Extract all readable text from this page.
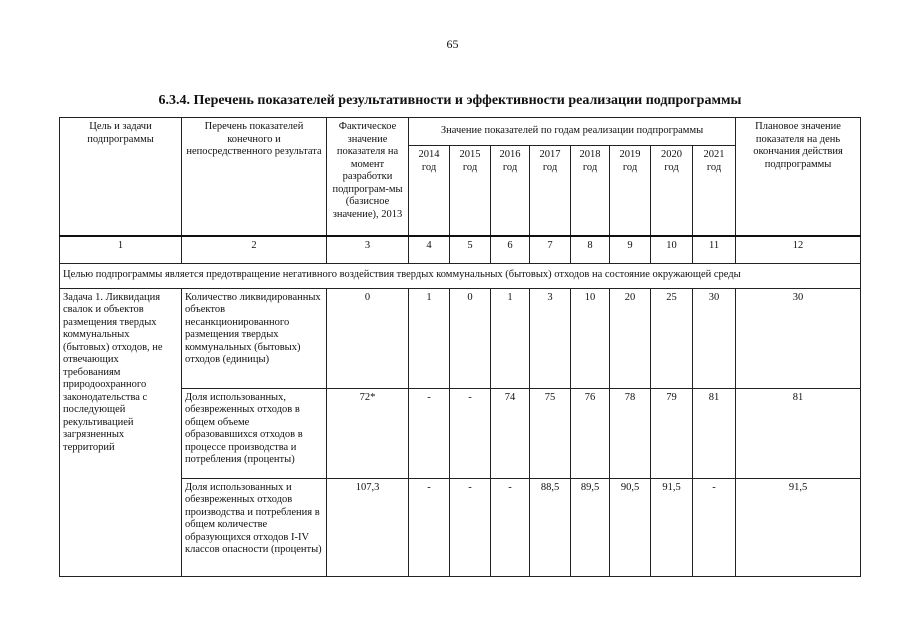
65
6.3.4. Перечень показателей результативности и эффективности реализации подпрограммы
Цель и задачи подпрограммы	Перечень показателей конечного и непосредственного результата	Фактическое значение показателя на момент разработки подпрограм-мы (базисное значение), 2013	Значение показателей по годам реализации подпрограммы								Плановое значение показателя на день окончания действия подпрограммы
			2014 год	2015 год	2016 год	2017 год	2018 год	2019 год	2020 год	2021 год	
1	2	3	4	5	6	7	8	9	10	11	12
Целью подпрограммы является предотвращение негативного воздействия твердых коммунальных (бытовых) отходов на состояние окружающей среды											
Задача 1. Ликвидация свалок и объектов размещения твердых коммунальных (бытовых) отходов, не отвечающих требованиям природоохранного законодательства с последующей рекультивацией загрязненных территорий	Количество ликвидированных объектов несанкционированного размещения твердых коммунальных (бытовых) отходов (единицы)	0	1	0	1	3	10	20	25	30	30
	Доля использованных, обезвреженных отходов в общем объеме образовавшихся отходов в процессе производства и потребления (проценты)	72*	-	-	74	75	76	78	79	81	81
	Доля использованных и обезвреженных отходов производства и потребления в общем количестве образующихся отходов I-IV классов опасности (проценты)	107,3	-	-	-	88,5	89,5	90,5	91,5	-	91,5
